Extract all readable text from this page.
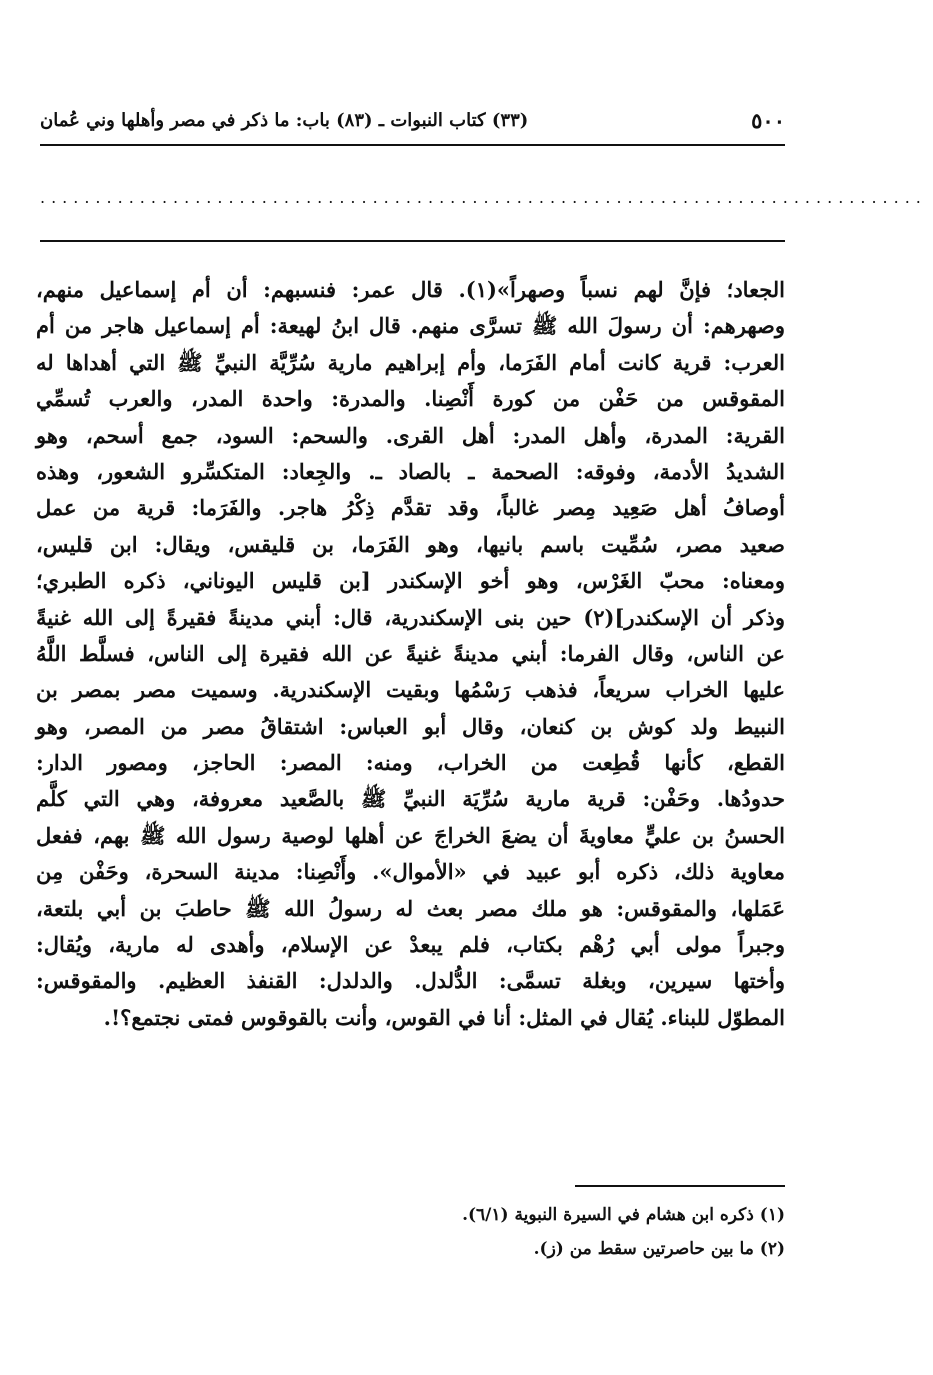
٥٠٠
(٣٣) كتاب النبوات ـ (٨٣) باب: ما ذكر في مصر وأهلها وني عُمان
................................................................................
الجعاد؛ فإنَّ لهم نسباً وصهراً»(١). قال عمر: فنسبهم: أن أم إسماعيل منهم،
وصهرهم: أن رسولَ الله ﷺ تسرَّى منهم. قال ابنُ لهيعة: أم إسماعيل هاجر من أم
العرب: قرية كانت أمام الفَرَما، وأم إبراهيم مارية سُرِّيَّة النبيِّ ﷺ التي أهداها له
المقوقس من حَفْن من كورة أَنْصِنا. والمدرة: واحدة المدر، والعرب تُسمِّي
القرية: المدرة، وأهل المدر: أهل القرى. والسحم: السود، جمع أسحم، وهو
الشديدُ الأدمة، وفوقه: الصحمة ـ بالصاد ـ. والجِعاد: المتكسِّرو الشعور، وهذه
أوصافُ أهل صَعِيد مِصر غالباً، وقد تقدَّم ذِكْرُ هاجر. والفَرَما: قرية من عمل
صعيد مصر، سُمِّيت باسم بانيها، وهو الفَرَما، بن قليقس، ويقال: ابن قليس،
ومعناه: محبّ الغَرْس، وهو أخو الإسكندر [بن قليس اليوناني، ذكره الطبري؛
وذكر أن الإسكندر](٢) حين بنى الإسكندرية، قال: أبني مدينةً فقيرةً إلى الله غنيةً
عن الناس، وقال الفرما: أبني مدينةً غنيةً عن الله فقيرة إلى الناس، فسلَّط اللَّهُ
عليها الخراب سريعاً، فذهب رَسْمُها وبقيت الإسكندرية. وسميت مصر بمصر بن
النبيط ولد كوش بن كنعان، وقال أبو العباس: اشتقاقُ مصر من المصر، وهو
القطع، كأنها قُطِعت من الخراب، ومنه: المصر: الحاجز، ومصور الدار:
حدودُها. وحَفْن: قرية مارية سُرِّيَة النبيِّ ﷺ بالصَّعيد معروفة، وهي التي كلَّم
الحسنُ بن عليٍّ معاويةَ أن يضعَ الخراجَ عن أهلها لوصية رسول الله ﷺ بهم، ففعل
معاوية ذلك، ذكره أبو عبيد في «الأموال». وأَنْصِنا: مدينة السحرة، وحَفْن مِن
عَمَلها، والمقوقس: هو ملك مصر بعث له رسولُ الله ﷺ حاطبَ بن أبي بلتعة،
وجبراً مولى أبي رُهْم بكتاب، فلم يبعدْ عن الإسلام، وأهدى له مارية، ويُقال:
وأختها سيرين، وبغلة تسمَّى: الدُّلدل. والدلدل: القنفذ العظيم. والمقوقس:
المطوّل للبناء. يُقال في المثل: أنا في القوس، وأنت بالقوقوس فمتى نجتمع؟!.
(١) ذكره ابن هشام في السيرة النبوية (٦/١).
(٢) ما بين حاصرتين سقط من (ز).
